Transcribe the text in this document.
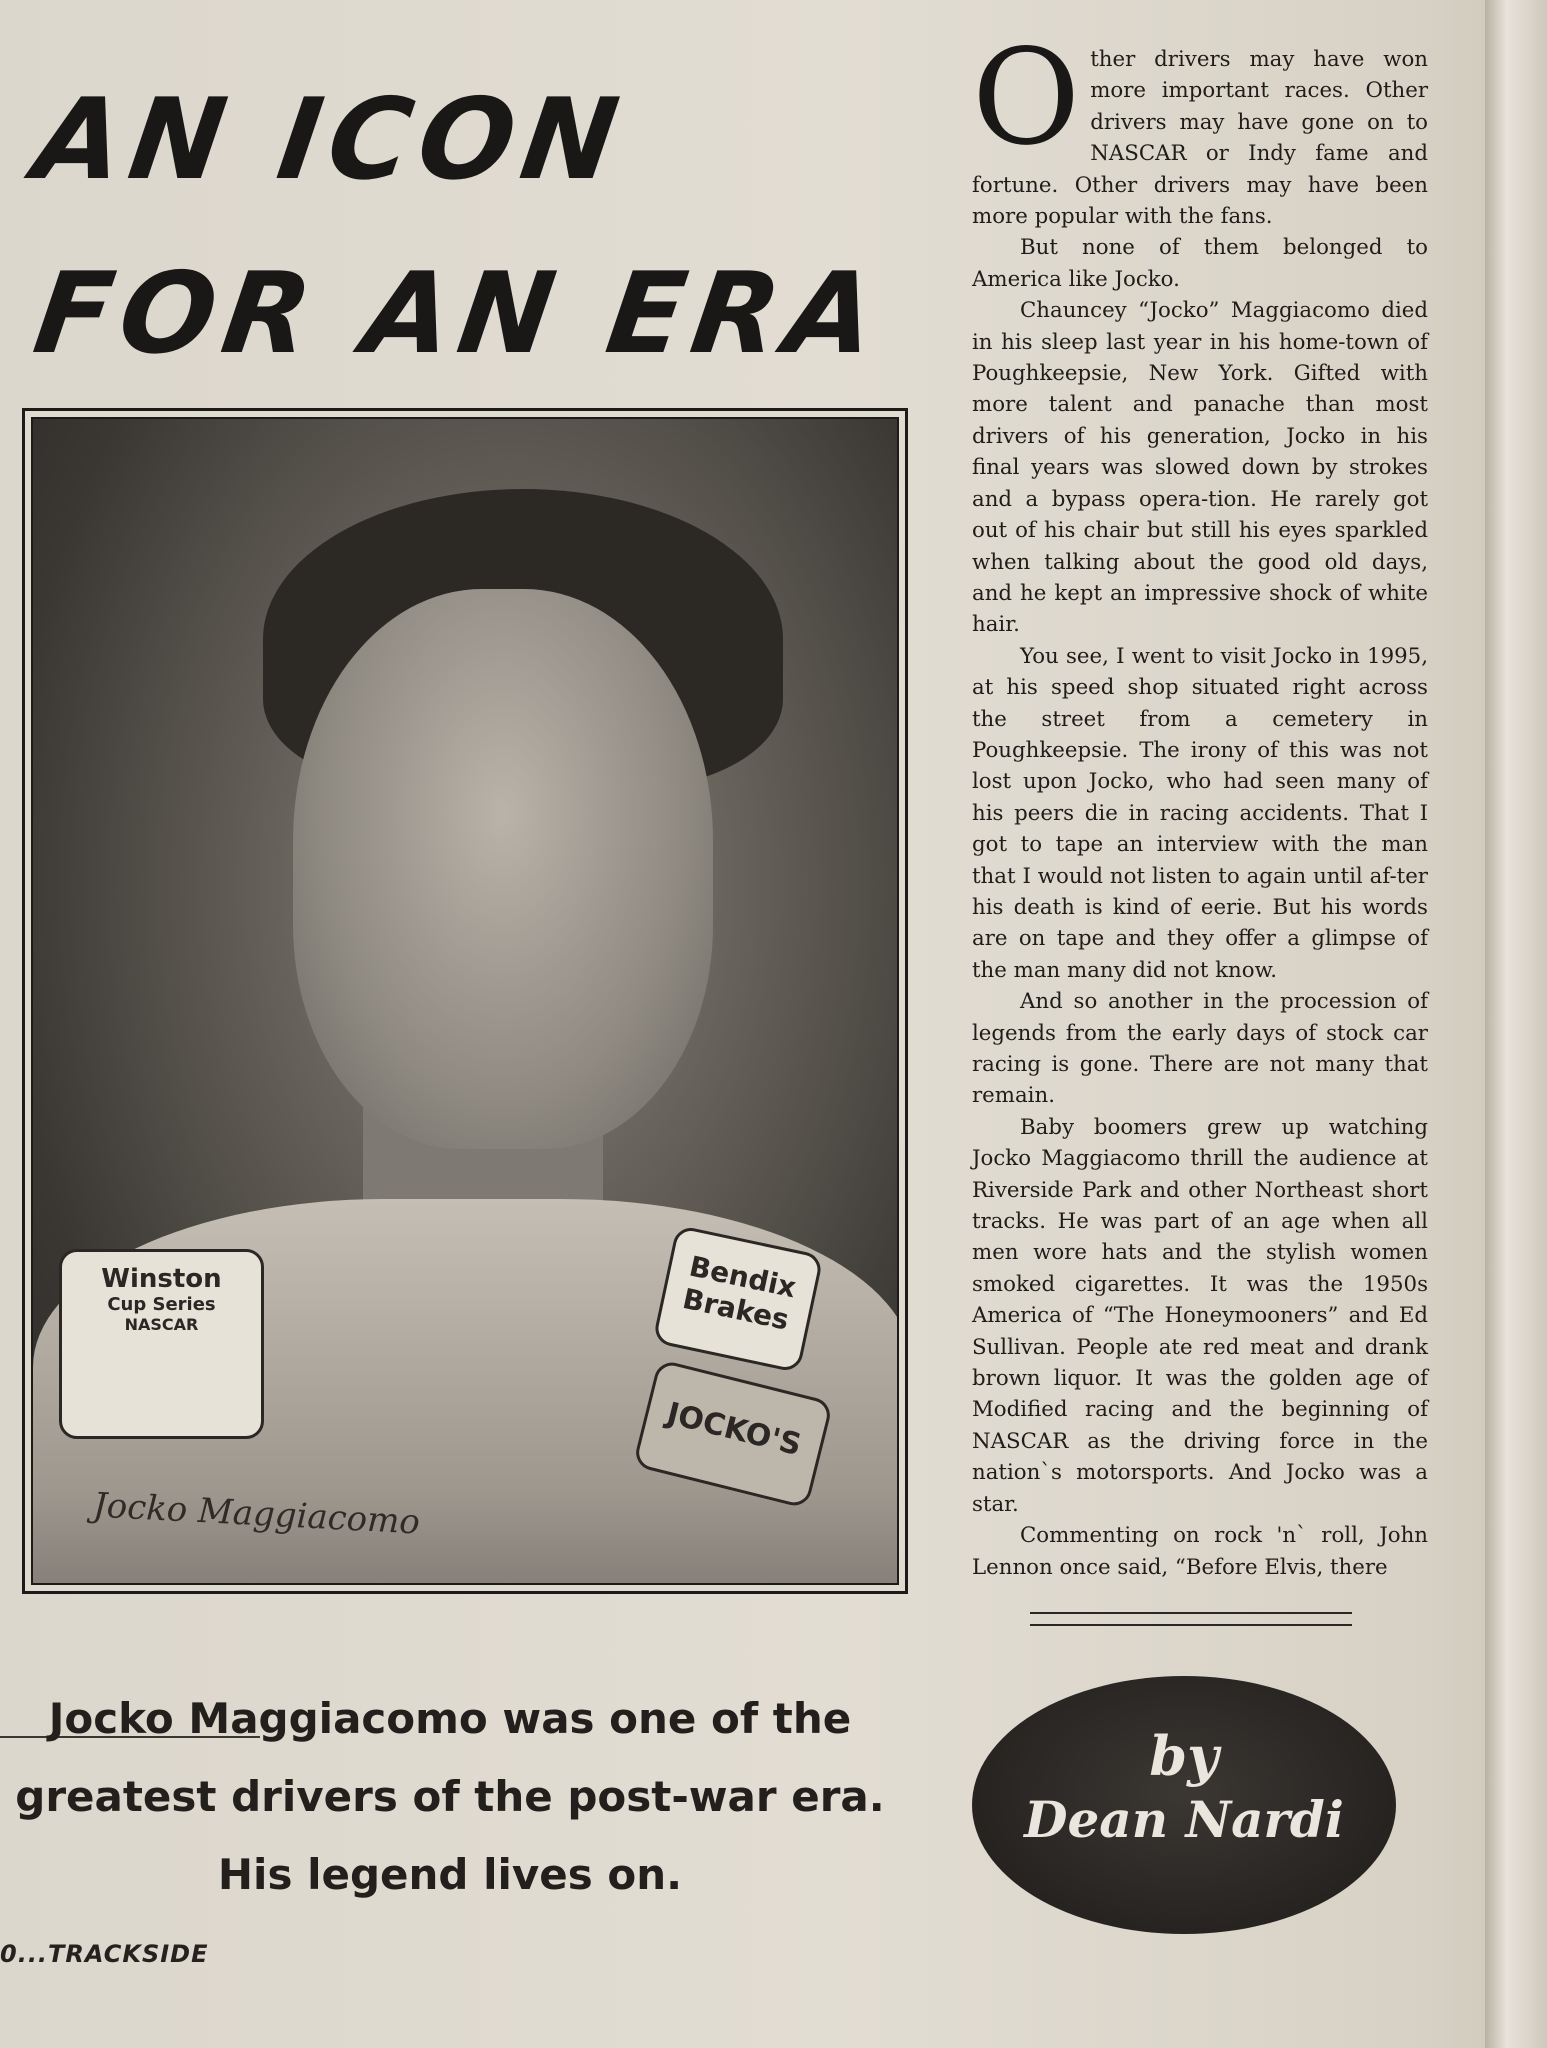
AN ICON
FOR AN ERA
Winston
Cup Series
NASCAR
Bendix Brakes
JOCKO'S
Jocko Maggiacomo
Jocko Maggiacomo was one of the
greatest drivers of the post-war era.
His legend lives on.

Other drivers may have won more important races. Other drivers may have gone on to NASCAR or Indy fame and fortune. Other drivers may have been more popular with the fans.

But none of them belonged to America like Jocko.

Chauncey “Jocko” Maggiacomo died in his sleep last year in his home-town of Poughkeepsie, New York. Gifted with more talent and panache than most drivers of his generation, Jocko in his final years was slowed down by strokes and a bypass opera-tion. He rarely got out of his chair but still his eyes sparkled when talking about the good old days, and he kept an impressive shock of white hair.

You see, I went to visit Jocko in 1995, at his speed shop situated right across the street from a cemetery in Poughkeepsie. The irony of this was not lost upon Jocko, who had seen many of his peers die in racing accidents. That I got to tape an interview with the man that I would not listen to again until af-ter his death is kind of eerie. But his words are on tape and they offer a glimpse of the man many did not know.

And so another in the procession of legends from the early days of stock car racing is gone. There are not many that remain.

Baby boomers grew up watching Jocko Maggiacomo thrill the audience at Riverside Park and other Northeast short tracks. He was part of an age when all men wore hats and the stylish women smoked cigarettes. It was the 1950s America of “The Honeymooners” and Ed Sullivan. People ate red meat and drank brown liquor. It was the golden age of Modified racing and the beginning of NASCAR as the driving force in the nation`s motorsports. And Jocko was a star.

Commenting on rock 'n` roll, John Lennon once said, “Before Elvis, there

by
Dean Nardi
0...TRACKSIDE
